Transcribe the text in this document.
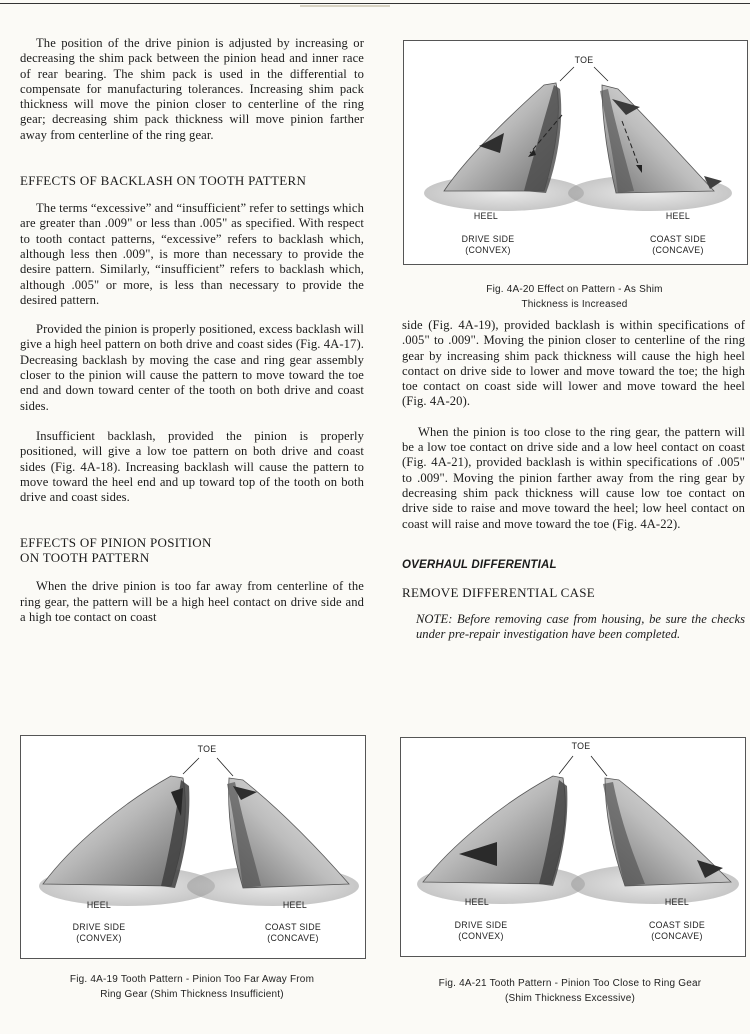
The position of the drive pinion is adjusted by increasing or decreasing the shim pack between the pinion head and inner race of rear bearing. The shim pack is used in the differential to compensate for manufacturing tolerances. Increasing shim pack thickness will move the pinion closer to centerline of the ring gear; decreasing shim pack thickness will move pinion farther away from centerline of the ring gear.

EFFECTS OF BACKLASH ON TOOTH PATTERN

The terms “excessive” and “insufficient” refer to settings which are greater than .009" or less than .005" as specified. With respect to tooth contact patterns, “excessive” refers to backlash which, although less then .009", is more than necessary to provide the desire pattern. Similarly, “insufficient” refers to backlash which, although .005" or more, is less than necessary to provide the desired pattern.

Provided the pinion is properly positioned, excess backlash will give a high heel pattern on both drive and coast sides (Fig. 4A-17). Decreasing backlash by moving the case and ring gear assembly closer to the pinion will cause the pattern to move toward the toe end and down toward center of the tooth on both drive and coast sides.

Insufficient backlash, provided the pinion is properly positioned, will give a low toe pattern on both drive and coast sides (Fig. 4A-18). Increasing backlash will cause the pattern to move toward the heel end and up toward top of the tooth on both drive and coast sides.

EFFECTS OF PINION POSITION
ON TOOTH PATTERN

When the drive pinion is too far away from centerline of the ring gear, the pattern will be a high heel contact on drive side and a high toe contact on coast

side (Fig. 4A-19), provided backlash is within specifications of .005" to .009". Moving the pinion closer to centerline of the ring gear by increasing shim pack thickness will cause the high heel contact on drive side to lower and move toward the toe; the high toe contact on coast side will lower and move toward the heel (Fig. 4A-20).

When the pinion is too close to the ring gear, the pattern will be a low toe contact on drive side and a low heel contact on coast (Fig. 4A-21), provided backlash is within specifications of .005" to .009". Moving the pinion farther away from the ring gear by decreasing shim pack thickness will cause low toe contact on drive side to raise and move toward the heel; low heel contact on coast will raise and move toward the toe (Fig. 4A-22).

OVERHAUL DIFFERENTIAL
REMOVE DIFFERENTIAL CASE

NOTE: Before removing case from housing, be sure the checks under pre-repair investigation have been completed.

TOE
HEEL	HEEL
DRIVE SIDE
(CONVEX)
COAST SIDE
(CONCAVE)
Fig. 4A-20 Effect on Pattern - As Shim
Thickness is Increased
TOE
HEEL	HEEL
DRIVE SIDE
(CONVEX)
COAST SIDE
(CONCAVE)
Fig. 4A-19 Tooth Pattern - Pinion Too Far Away From
Ring Gear (Shim Thickness Insufficient)
TOE
HEEL	HEEL
DRIVE SIDE
(CONVEX)
COAST SIDE
(CONCAVE)
Fig. 4A-21 Tooth Pattern - Pinion Too Close to Ring Gear
(Shim Thickness Excessive)
